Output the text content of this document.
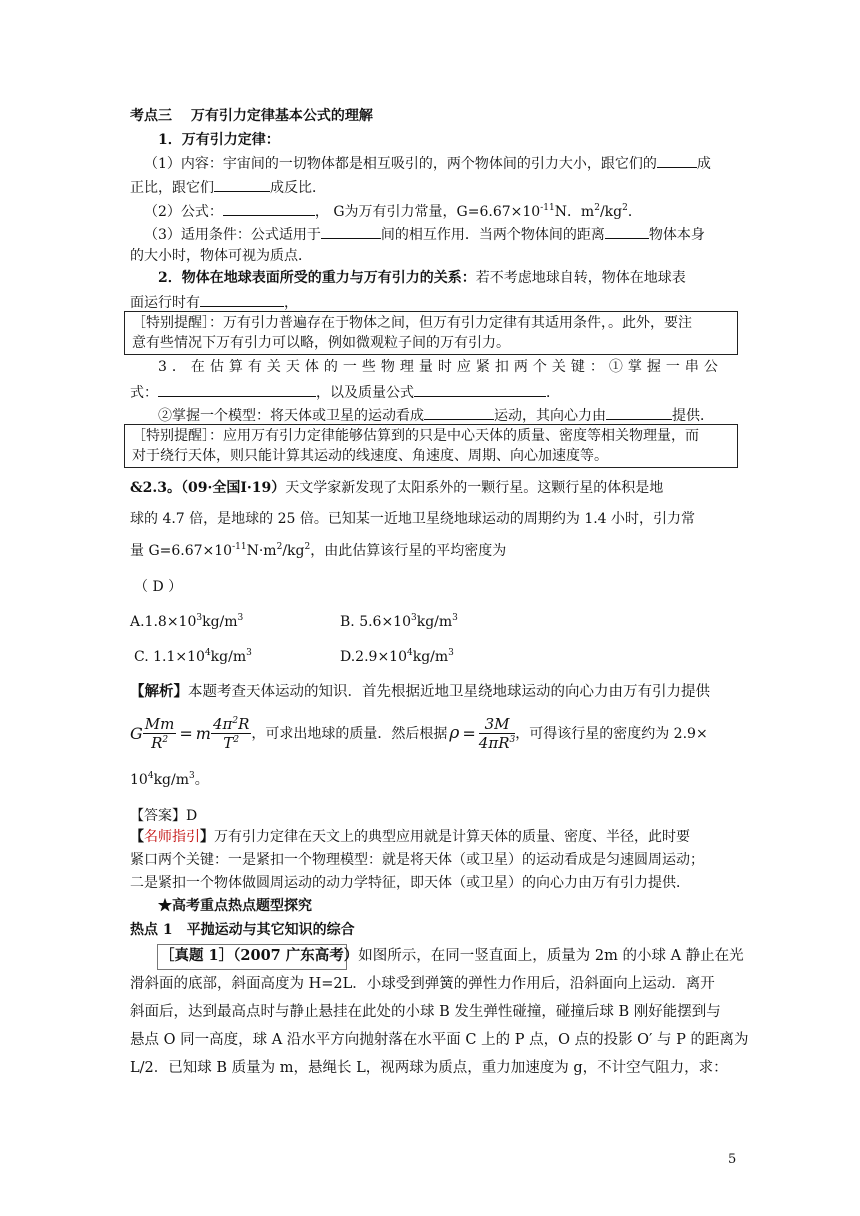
考点三　 万有引力定律基本公式的理解
1．万有引力定律：
（1）内容：宇宙间的一切物体都是相互吸引的，两个物体间的引力大小，跟它们的	成
正比，跟它们	成反比．
（2）公式：	， G为万有引力常量，$G=6.67\times 10^{-11}N$．$m^2/kg^2$．
（3）适用条件：公式适用于	间的相互作用．当两个物体间的距离	物体本身
的大小时，物体可视为质点．
2．物体在地球表面所受的重力与万有引力的关系：若不考虑地球自转，物体在地球表
面运行时有	，
［特别提醒］：万有引力普遍存在于物体之间，但万有引力定律有其适用条件，。此外，要注
意有些情况下万有引力可以略，例如微观粒子间的万有引力。
3．在估算有关天体的一些物理量时应紧扣两个关键：①掌握一串公
式：	，以及质量公式	．
②掌握一个模型：将天体或卫星的运动看成	运动，其向心力由	提供．
［特别提醒］：应用万有引力定律能够估算到的只是中心天体的质量、密度等相关物理量，而
对于绕行天体，则只能计算其运动的线速度、角速度、周期、向心加速度等。
&2.3。（09·全国Ⅰ·19）天文学家新发现了太阳系外的一颗行星。这颗行星的体积是地
球的 4.7 倍，是地球的 25 倍。已知某一近地卫星绕地球运动的周期约为 1.4 小时，引力常
量 $G=6.67\times 10^{-11}N\cdot m^2/kg^2$，由此估算该行星的平均密度为
（ D ）
$A.1.8\times 10^3kg/m^3$	B. $5.6\times 10^3kg/m^3$
C. $1.1\times 10^4kg/m^3$	$D.2.9\times 10^4kg/m^3$
【解析】本题考查天体运动的知识．首先根据近地卫星绕地球运动的向心力由万有引力提供
G $\frac{Mm}{R^2} = m \frac{4\pi^2R}{T^2}$ ，可求出地球的质量．然后根据 $\rho = \frac{3M}{4\pi R^3}$ ，可得该行星的密度约为 2.9×
$10^4kg/m^3$。
【答案】D
【名师指引】万有引力定律在天文上的典型应用就是计算天体的质量、密度、半径，此时要
紧口两个关键：一是紧扣一个物理模型：就是将天体（或卫星）的运动看成是匀速圆周运动；
二是紧扣一个物体做圆周运动的动力学特征，即天体（或卫星）的向心力由万有引力提供．
★高考重点热点题型探究
热点 1　平抛运动与其它知识的综合
［真题 1］（2007 广东高考）如图所示，在同一竖直面上，质量为 2m 的小球 A 静止在光
滑斜面的底部，斜面高度为 H=2L．小球受到弹簧的弹性力作用后，沿斜面向上运动．离开
斜面后，达到最高点时与静止悬挂在此处的小球 B 发生弹性碰撞，碰撞后球 B 刚好能摆到与
悬点 O 同一高度，球 A 沿水平方向抛射落在水平面 C 上的 P 点，O 点的投影 O′ 与 P 的距离为
L/2．已知球 B 质量为 m，悬绳长 L，视两球为质点，重力加速度为 g，不计空气阻力，求：
5
